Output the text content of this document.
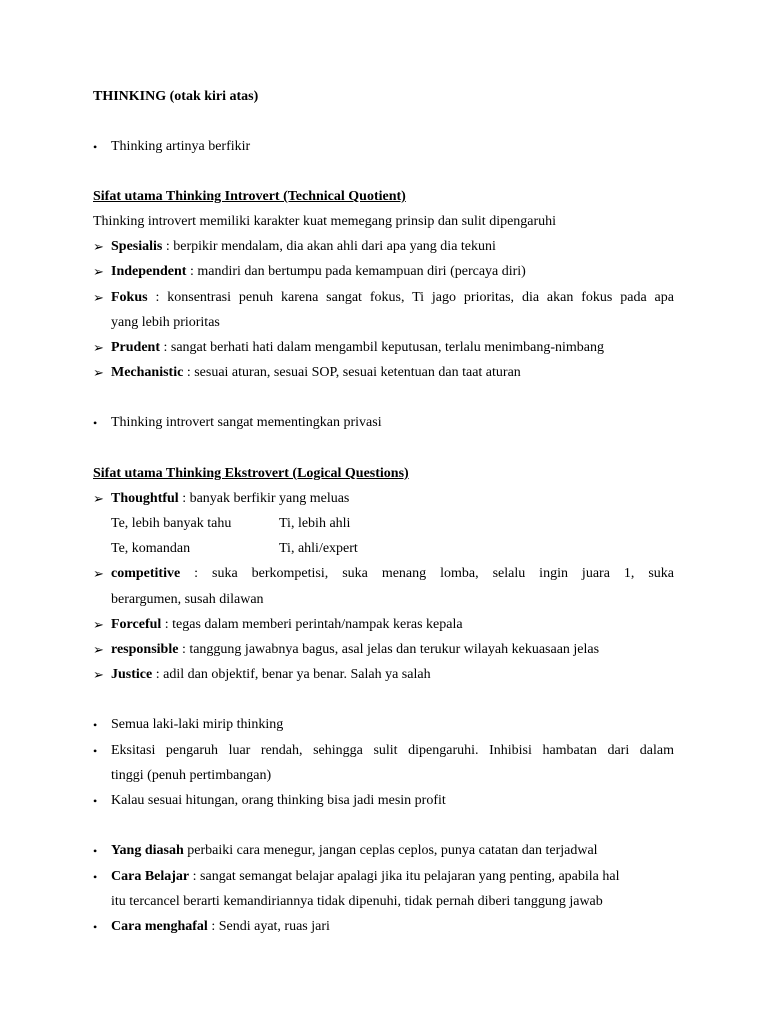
THINKING (otak kiri atas)
• Thinking artinya berfikir
Sifat utama Thinking Introvert (Technical Quotient)
Thinking introvert memiliki karakter kuat memegang prinsip dan sulit dipengaruhi
➢ Spesialis : berpikir mendalam, dia akan ahli dari apa yang dia tekuni
➢ Independent : mandiri dan bertumpu pada kemampuan diri (percaya diri)
➢ Fokus : konsentrasi penuh karena sangat fokus, Ti jago prioritas, dia akan fokus pada apa
yang lebih prioritas
➢ Prudent : sangat berhati hati dalam mengambil keputusan, terlalu menimbang-nimbang
➢ Mechanistic : sesuai aturan, sesuai SOP, sesuai ketentuan dan taat aturan
• Thinking introvert sangat mementingkan privasi
Sifat utama Thinking Ekstrovert (Logical Questions)
➢ Thoughtful : banyak berfikir yang meluas
Te, lebih banyak tahu	Ti, lebih ahli
Te, komandan	Ti, ahli/expert
➢ competitive : suka berkompetisi, suka menang lomba, selalu ingin juara 1, suka
berargumen, susah dilawan
➢ Forceful : tegas dalam memberi perintah/nampak keras kepala
➢ responsible : tanggung jawabnya bagus, asal jelas dan terukur wilayah kekuasaan jelas
➢ Justice : adil dan objektif, benar ya benar. Salah ya salah
• Semua laki-laki mirip thinking
• Eksitasi pengaruh luar rendah, sehingga sulit dipengaruhi. Inhibisi hambatan dari dalam
tinggi (penuh pertimbangan)
• Kalau sesuai hitungan, orang thinking bisa jadi mesin profit
• Yang diasah perbaiki cara menegur, jangan ceplas ceplos, punya catatan dan terjadwal
• Cara Belajar : sangat semangat belajar apalagi jika itu pelajaran yang penting, apabila hal
itu tercancel berarti kemandiriannya tidak dipenuhi, tidak pernah diberi tanggung jawab
• Cara menghafal : Sendi ayat, ruas jari
